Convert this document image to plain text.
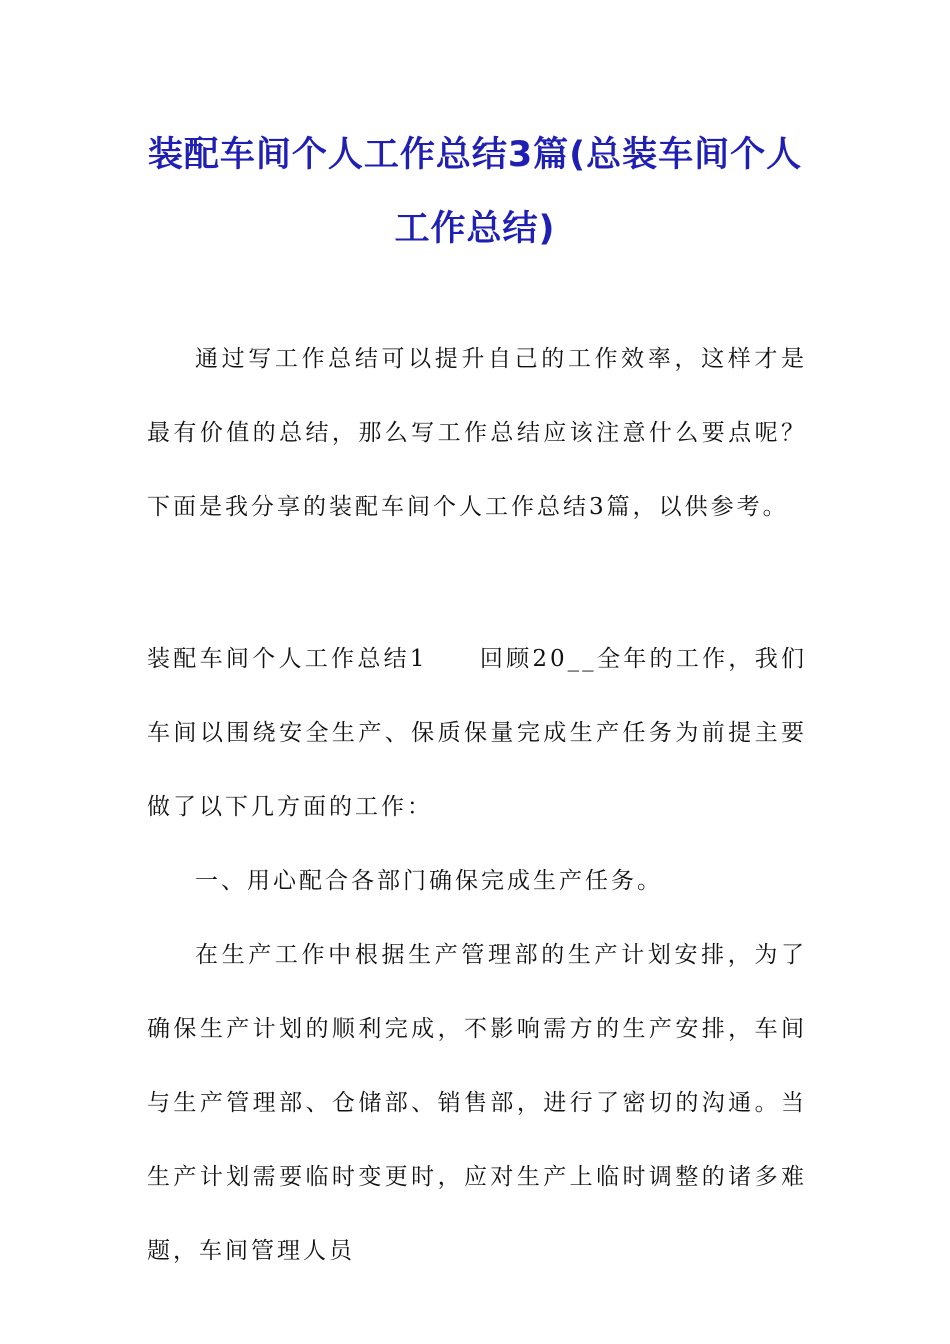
装配车间个人工作总结3篇(总装车间个人工作总结)

通过写工作总结可以提升自己的工作效率，这样才是最有价值的总结，那么写工作总结应该注意什么要点呢？下面是我分享的装配车间个人工作总结3篇，以供参考。

装配车间个人工作总结1 回顾20__全年的工作，我们车间以围绕安全生产、保质保量完成生产任务为前提主要做了以下几方面的工作：

一、用心配合各部门确保完成生产任务。

在生产工作中根据生产管理部的生产计划安排，为了确保生产计划的顺利完成，不影响需方的生产安排，车间与生产管理部、仓储部、销售部，进行了密切的沟通。当生产计划需要临时变更时，应对生产上临时调整的诸多难题，车间管理人员
